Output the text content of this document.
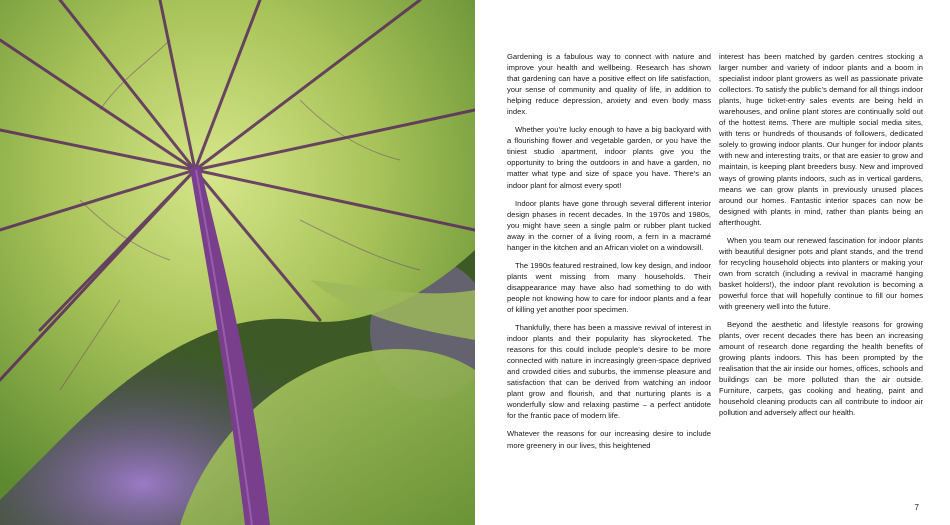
Gardening is a fabulous way to connect with nature and improve your health and wellbeing. Research has shown that gardening can have a positive effect on life satisfaction, your sense of community and quality of life, in addition to helping reduce depression, anxiety and even body mass index.

Whether you’re lucky enough to have a big backyard with a flourishing flower and vegetable garden, or you have the tiniest studio apartment, indoor plants give you the opportunity to bring the outdoors in and have a garden, no matter what type and size of space you have. There’s an indoor plant for almost every spot!

Indoor plants have gone through several different interior design phases in recent decades. In the 1970s and 1980s, you might have seen a single palm or rubber plant tucked away in the corner of a living room, a fern in a macramé hanger in the kitchen and an African violet on a windowsill.

The 1990s featured restrained, low key design, and indoor plants went missing from many households. Their disappearance may have also had something to do with people not knowing how to care for indoor plants and a fear of killing yet another poor specimen.

Thankfully, there has been a massive revival of interest in indoor plants and their popularity has skyrocketed. The reasons for this could include people’s desire to be more connected with nature in increasingly green-space deprived and crowded cities and suburbs, the immense pleasure and satisfaction that can be derived from watching an indoor plant grow and flourish, and that nurturing plants is a wonderfully slow and relaxing pastime – a perfect antidote for the frantic pace of modern life.

Whatever the reasons for our increasing desire to include more greenery in our lives, this heightened

interest has been matched by garden centres stocking a larger number and variety of indoor plants and a boom in specialist indoor plant growers as well as passionate private collectors. To satisfy the public’s demand for all things indoor plants, huge ticket-entry sales events are being held in warehouses, and online plant stores are continually sold out of the hottest items. There are multiple social media sites, with tens or hundreds of thousands of followers, dedicated solely to growing indoor plants. Our hunger for indoor plants with new and interesting traits, or that are easier to grow and maintain, is keeping plant breeders busy. New and improved ways of growing plants indoors, such as in vertical gardens, means we can grow plants in previously unused places around our homes. Fantastic interior spaces can now be designed with plants in mind, rather than plants being an afterthought.

When you team our renewed fascination for indoor plants with beautiful designer pots and plant stands, and the trend for recycling household objects into planters or making your own from scratch (including a revival in macramé hanging basket holders!), the indoor plant revolution is becoming a powerful force that will hopefully continue to fill our homes with greenery well into the future.

Beyond the aesthetic and lifestyle reasons for growing plants, over recent decades there has been an increasing amount of research done regarding the health benefits of growing plants indoors. This has been prompted by the realisation that the air inside our homes, offices, schools and buildings can be more polluted than the air outside. Furniture, carpets, gas cooking and heating, paint and household cleaning products can all contribute to indoor air pollution and adversely affect our health.

7
